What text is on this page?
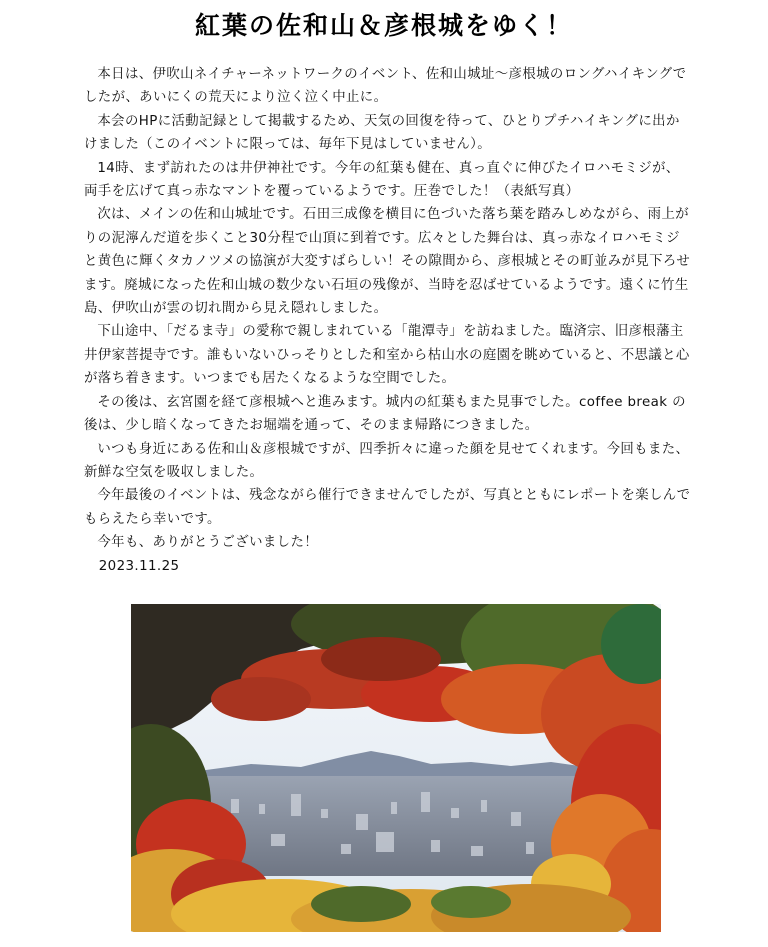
紅葉の佐和山＆彦根城をゆく！

本日は、伊吹山ネイチャーネットワークのイベント、佐和山城址～彦根城のロングハイキングでしたが、あいにくの荒天により泣く泣く中止に。

本会のHPに活動記録として掲載するため、天気の回復を待って、ひとりプチハイキングに出かけました（このイベントに限っては、毎年下見はしていません）。

14時、まず訪れたのは井伊神社です。今年の紅葉も健在、真っ直ぐに伸びたイロハモミジが、両手を広げて真っ赤なマントを覆っているようです。圧巻でした！（表紙写真）

次は、メインの佐和山城址です。石田三成像を横目に色づいた落ち葉を踏みしめながら、雨上がりの泥濘んだ道を歩くこと30分程で山頂に到着です。広々とした舞台は、真っ赤なイロハモミジと黄色に輝くタカノツメの協演が大変すばらしい！その隙間から、彦根城とその町並みが見下ろせます。廃城になった佐和山城の数少ない石垣の残像が、当時を忍ばせているようです。遠くに竹生島、伊吹山が雲の切れ間から見え隠れしました。

下山途中、「だるま寺」の愛称で親しまれている「龍潭寺」を訪ねました。臨済宗、旧彦根藩主井伊家菩提寺です。誰もいないひっそりとした和室から枯山水の庭園を眺めていると、不思議と心が落ち着きます。いつまでも居たくなるような空間でした。

その後は、玄宮園を経て彦根城へと進みます。城内の紅葉もまた見事でした。coffee break の後は、少し暗くなってきたお堀端を通って、そのまま帰路につきました。

いつも身近にある佐和山＆彦根城ですが、四季折々に違った顔を見せてくれます。今回もまた、新鮮な空気を吸収しました。

今年最後のイベントは、残念ながら催行できませんでしたが、写真とともにレポートを楽しんでもらえたら幸いです。

今年も、ありがとうございました！

2023.11.25
